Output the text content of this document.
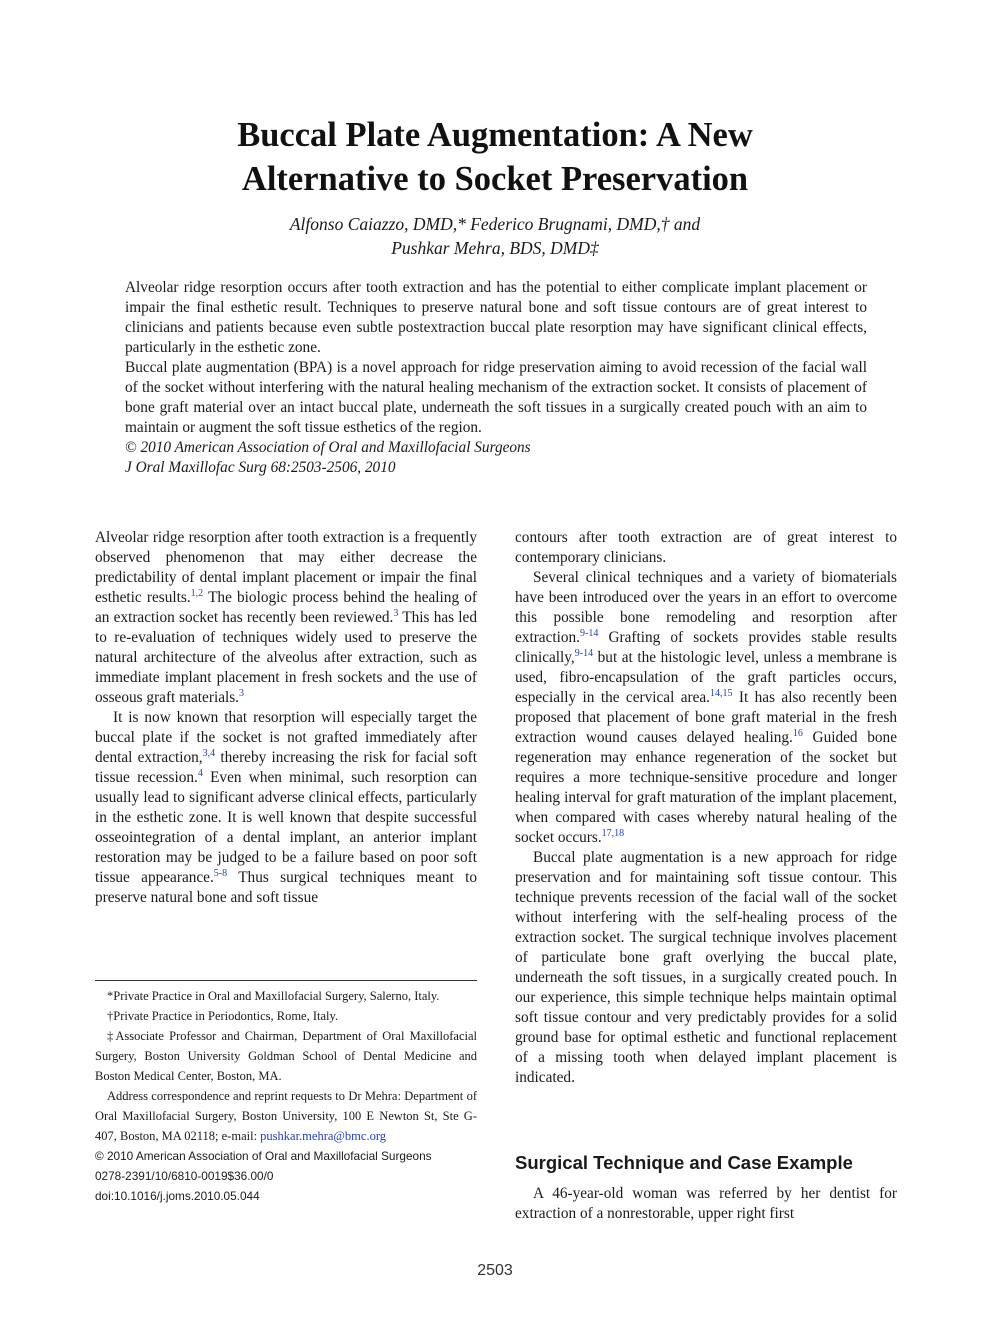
Buccal Plate Augmentation: A New
Alternative to Socket Preservation
Alfonso Caiazzo, DMD,* Federico Brugnami, DMD,† and
Pushkar Mehra, BDS, DMD‡

Alveolar ridge resorption occurs after tooth extraction and has the potential to either complicate implant placement or impair the final esthetic result. Techniques to preserve natural bone and soft tissue contours are of great interest to clinicians and patients because even subtle postextraction buccal plate resorption may have significant clinical effects, particularly in the esthetic zone.

Buccal plate augmentation (BPA) is a novel approach for ridge preservation aiming to avoid recession of the facial wall of the socket without interfering with the natural healing mechanism of the extraction socket. It consists of placement of bone graft material over an intact buccal plate, underneath the soft tissues in a surgically created pouch with an aim to maintain or augment the soft tissue esthetics of the region.

© 2010 American Association of Oral and Maxillofacial Surgeons

J Oral Maxillofac Surg 68:2503-2506, 2010

Alveolar ridge resorption after tooth extraction is a frequently observed phenomenon that may either decrease the predictability of dental implant placement or impair the final esthetic results.$^{1,2}$ The biologic process behind the healing of an extraction socket has recently been reviewed.$^3$ This has led to re-evaluation of techniques widely used to preserve the natural architecture of the alveolus after extraction, such as immediate implant placement in fresh sockets and the use of osseous graft materials.$^3$

It is now known that resorption will especially target the buccal plate if the socket is not grafted immediately after dental extraction,$^{3,4}$ thereby increasing the risk for facial soft tissue recession.$^4$ Even when minimal, such resorption can usually lead to significant adverse clinical effects, particularly in the esthetic zone. It is well known that despite successful osseointegration of a dental implant, an anterior implant restoration may be judged to be a failure based on poor soft tissue appearance.$^{5-8}$ Thus surgical techniques meant to preserve natural bone and soft tissue

*Private Practice in Oral and Maxillofacial Surgery, Salerno, Italy.

†Private Practice in Periodontics, Rome, Italy.

‡Associate Professor and Chairman, Department of Oral Maxillofacial Surgery, Boston University Goldman School of Dental Medicine and Boston Medical Center, Boston, MA.

Address correspondence and reprint requests to Dr Mehra: Department of Oral Maxillofacial Surgery, Boston University, 100 E Newton St, Ste G-407, Boston, MA 02118; e-mail: pushkar.mehra@bmc.org

© 2010 American Association of Oral and Maxillofacial Surgeons

0278-2391/10/6810-0019$36.00/0

doi:10.1016/j.joms.2010.05.044

contours after tooth extraction are of great interest to contemporary clinicians.

Several clinical techniques and a variety of biomaterials have been introduced over the years in an effort to overcome this possible bone remodeling and resorption after extraction.$^{9-14}$ Grafting of sockets provides stable results clinically,$^{9-14}$ but at the histologic level, unless a membrane is used, fibro-encapsulation of the graft particles occurs, especially in the cervical area.$^{14,15}$ It has also recently been proposed that placement of bone graft material in the fresh extraction wound causes delayed healing.$^{16}$ Guided bone regeneration may enhance regeneration of the socket but requires a more technique-sensitive procedure and longer healing interval for graft maturation of the implant placement, when compared with cases whereby natural healing of the socket occurs.$^{17,18}$

Buccal plate augmentation is a new approach for ridge preservation and for maintaining soft tissue contour. This technique prevents recession of the facial wall of the socket without interfering with the self-healing process of the extraction socket. The surgical technique involves placement of particulate bone graft overlying the buccal plate, underneath the soft tissues, in a surgically created pouch. In our experience, this simple technique helps maintain optimal soft tissue contour and very predictably provides for a solid ground base for optimal esthetic and functional replacement of a missing tooth when delayed implant placement is indicated.

Surgical Technique and Case Example

A 46-year-old woman was referred by her dentist for extraction of a nonrestorable, upper right first

2503
